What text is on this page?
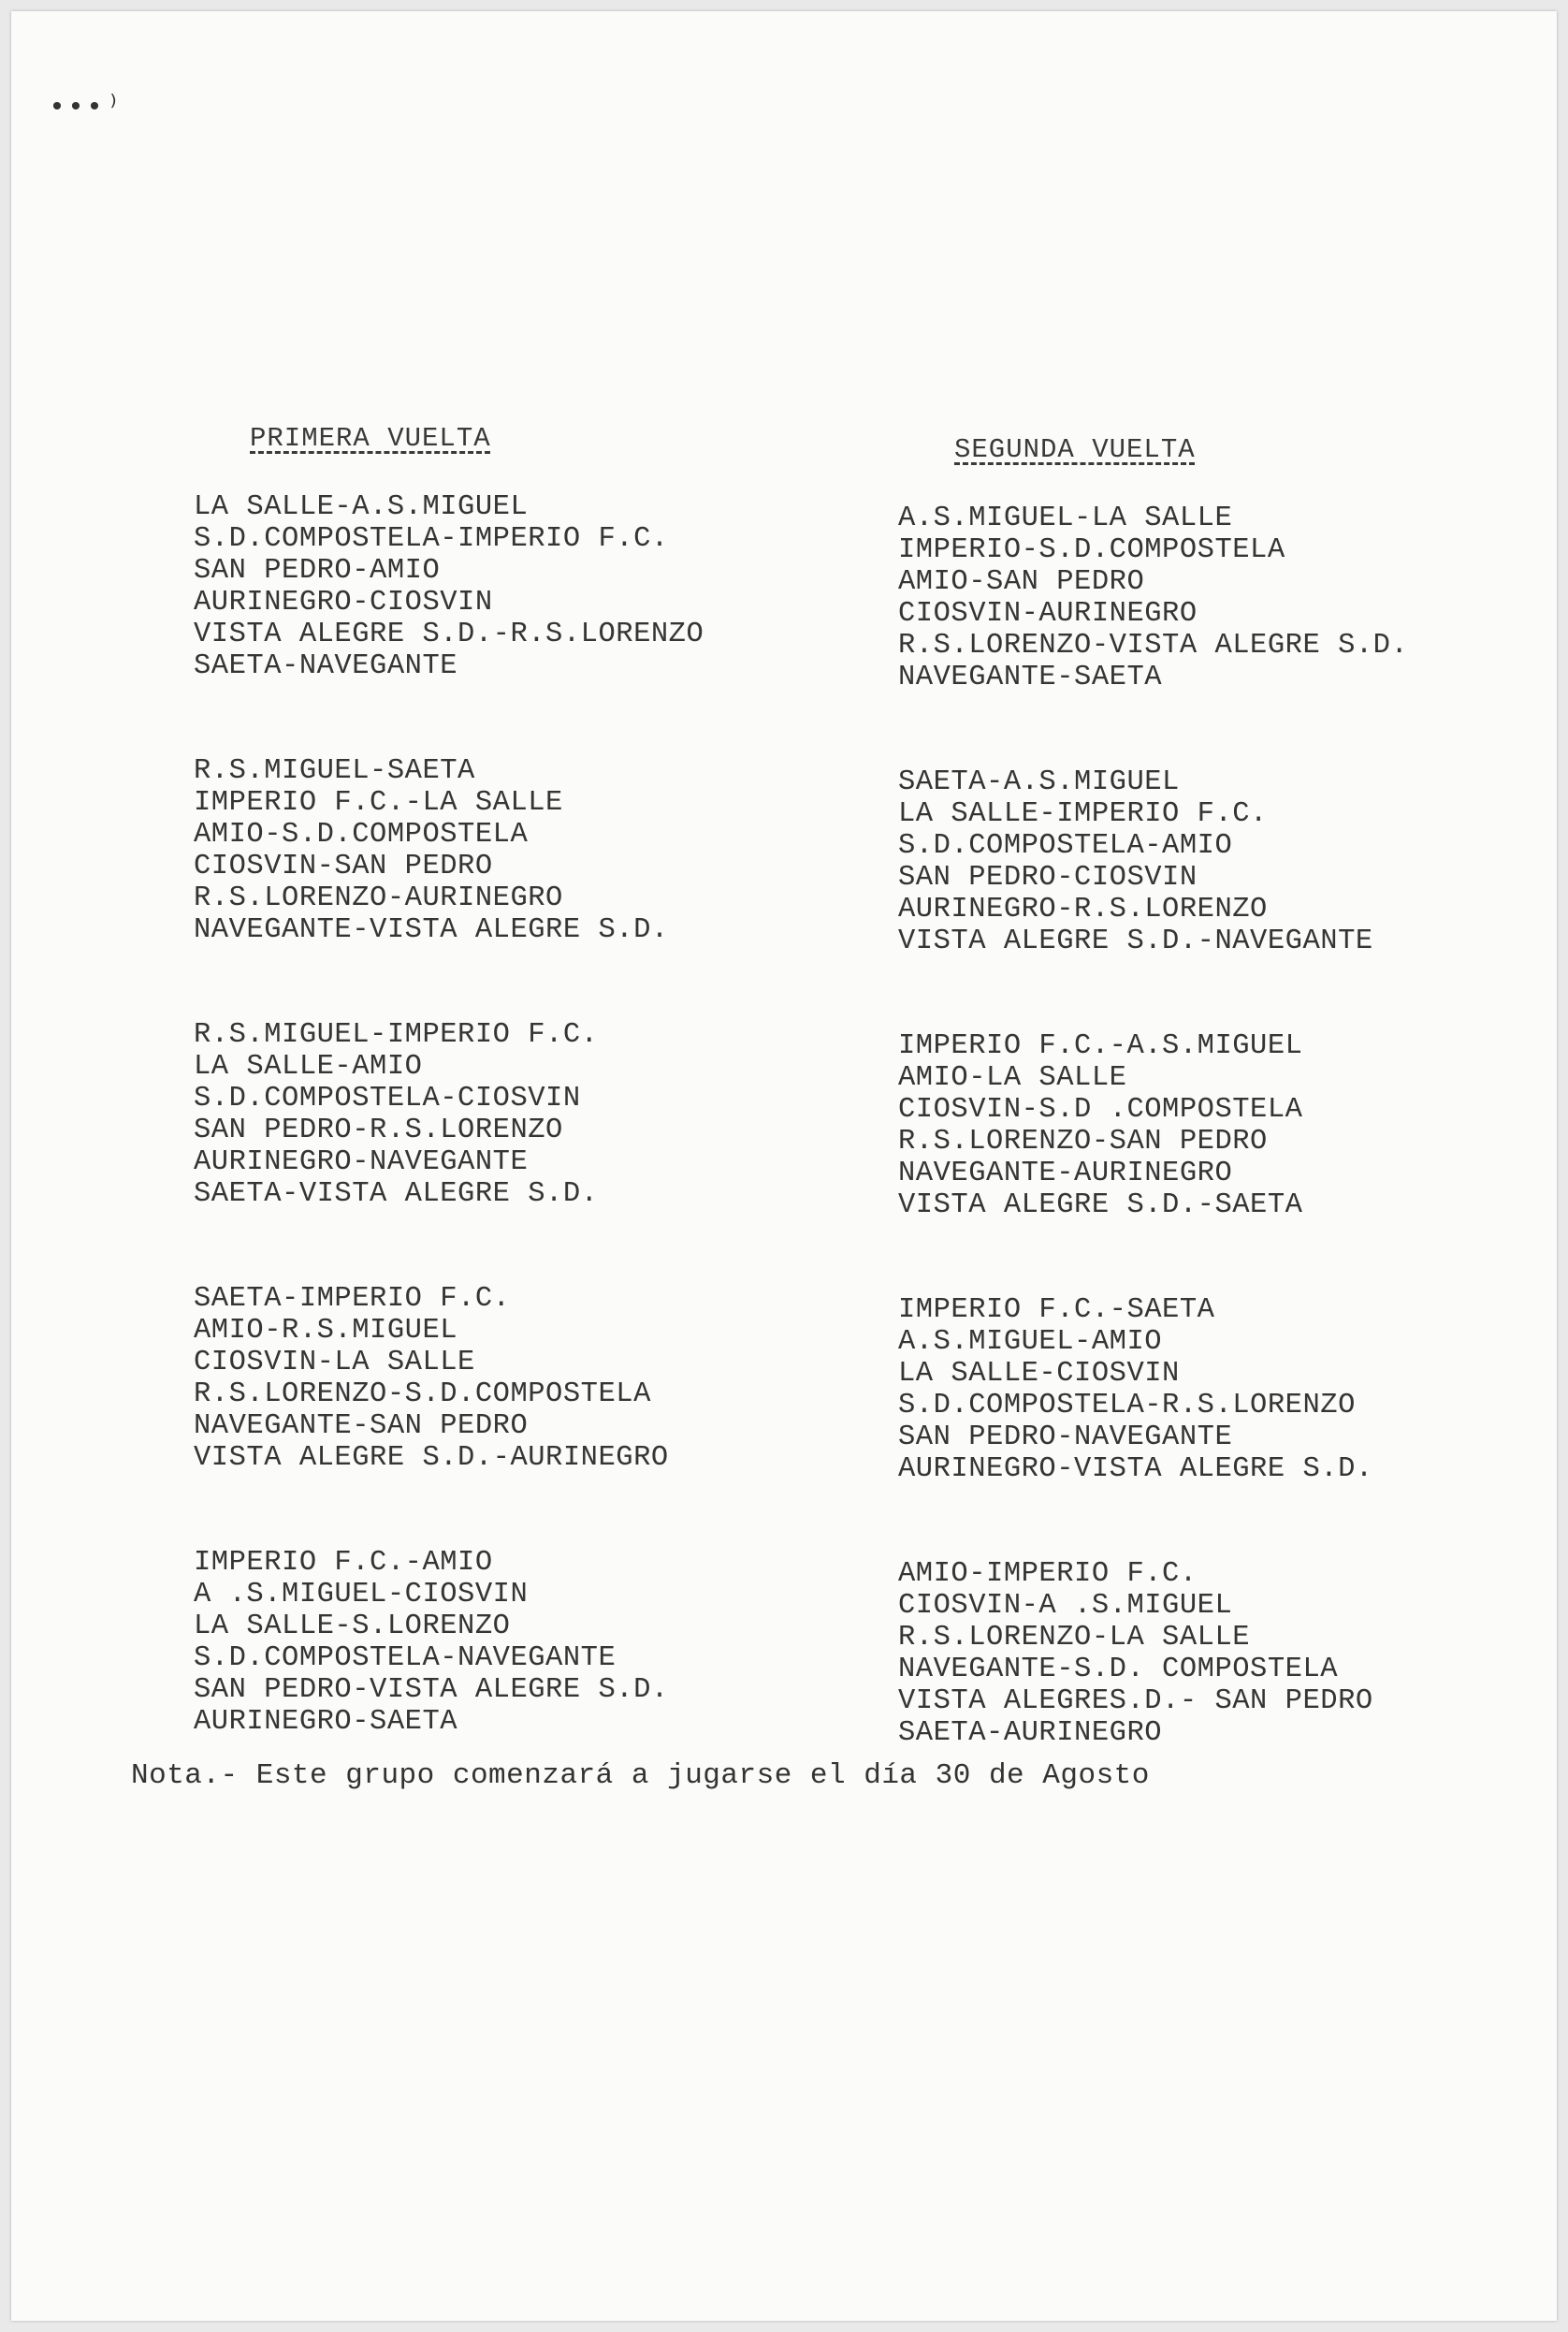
•••⁾
PRIMERA VUELTA
LA SALLE-A.S.MIGUEL
S.D.COMPOSTELA-IMPERIO F.C.
SAN PEDRO-AMIO
AURINEGRO-CIOSVIN
VISTA ALEGRE S.D.-R.S.LORENZO
SAETA-NAVEGANTE
R.S.MIGUEL-SAETA
IMPERIO F.C.-LA SALLE
AMIO-S.D.COMPOSTELA
CIOSVIN-SAN PEDRO
R.S.LORENZO-AURINEGRO
NAVEGANTE-VISTA ALEGRE S.D.
R.S.MIGUEL-IMPERIO F.C.
LA SALLE-AMIO
S.D.COMPOSTELA-CIOSVIN
SAN PEDRO-R.S.LORENZO
AURINEGRO-NAVEGANTE
SAETA-VISTA ALEGRE S.D.
SAETA-IMPERIO F.C.
AMIO-R.S.MIGUEL
CIOSVIN-LA SALLE
R.S.LORENZO-S.D.COMPOSTELA
NAVEGANTE-SAN PEDRO
VISTA ALEGRE S.D.-AURINEGRO
IMPERIO F.C.-AMIO
A .S.MIGUEL-CIOSVIN
LA SALLE-S.LORENZO
S.D.COMPOSTELA-NAVEGANTE
SAN PEDRO-VISTA ALEGRE S.D.
AURINEGRO-SAETA
SEGUNDA VUELTA
A.S.MIGUEL-LA SALLE
IMPERIO-S.D.COMPOSTELA
AMIO-SAN PEDRO
CIOSVIN-AURINEGRO
R.S.LORENZO-VISTA ALEGRE S.D.
NAVEGANTE-SAETA
SAETA-A.S.MIGUEL
LA SALLE-IMPERIO F.C.
S.D.COMPOSTELA-AMIO
SAN PEDRO-CIOSVIN
AURINEGRO-R.S.LORENZO
VISTA ALEGRE S.D.-NAVEGANTE
IMPERIO F.C.-A.S.MIGUEL
AMIO-LA SALLE
CIOSVIN-S.D .COMPOSTELA
R.S.LORENZO-SAN PEDRO
NAVEGANTE-AURINEGRO
VISTA ALEGRE S.D.-SAETA
IMPERIO F.C.-SAETA
A.S.MIGUEL-AMIO
LA SALLE-CIOSVIN
S.D.COMPOSTELA-R.S.LORENZO
SAN PEDRO-NAVEGANTE
AURINEGRO-VISTA ALEGRE S.D.
AMIO-IMPERIO F.C.
CIOSVIN-A .S.MIGUEL
R.S.LORENZO-LA SALLE
NAVEGANTE-S.D. COMPOSTELA
VISTA ALEGRES.D.- SAN PEDRO
SAETA-AURINEGRO
Nota.- Este grupo comenzará a jugarse el día 30 de Agosto
